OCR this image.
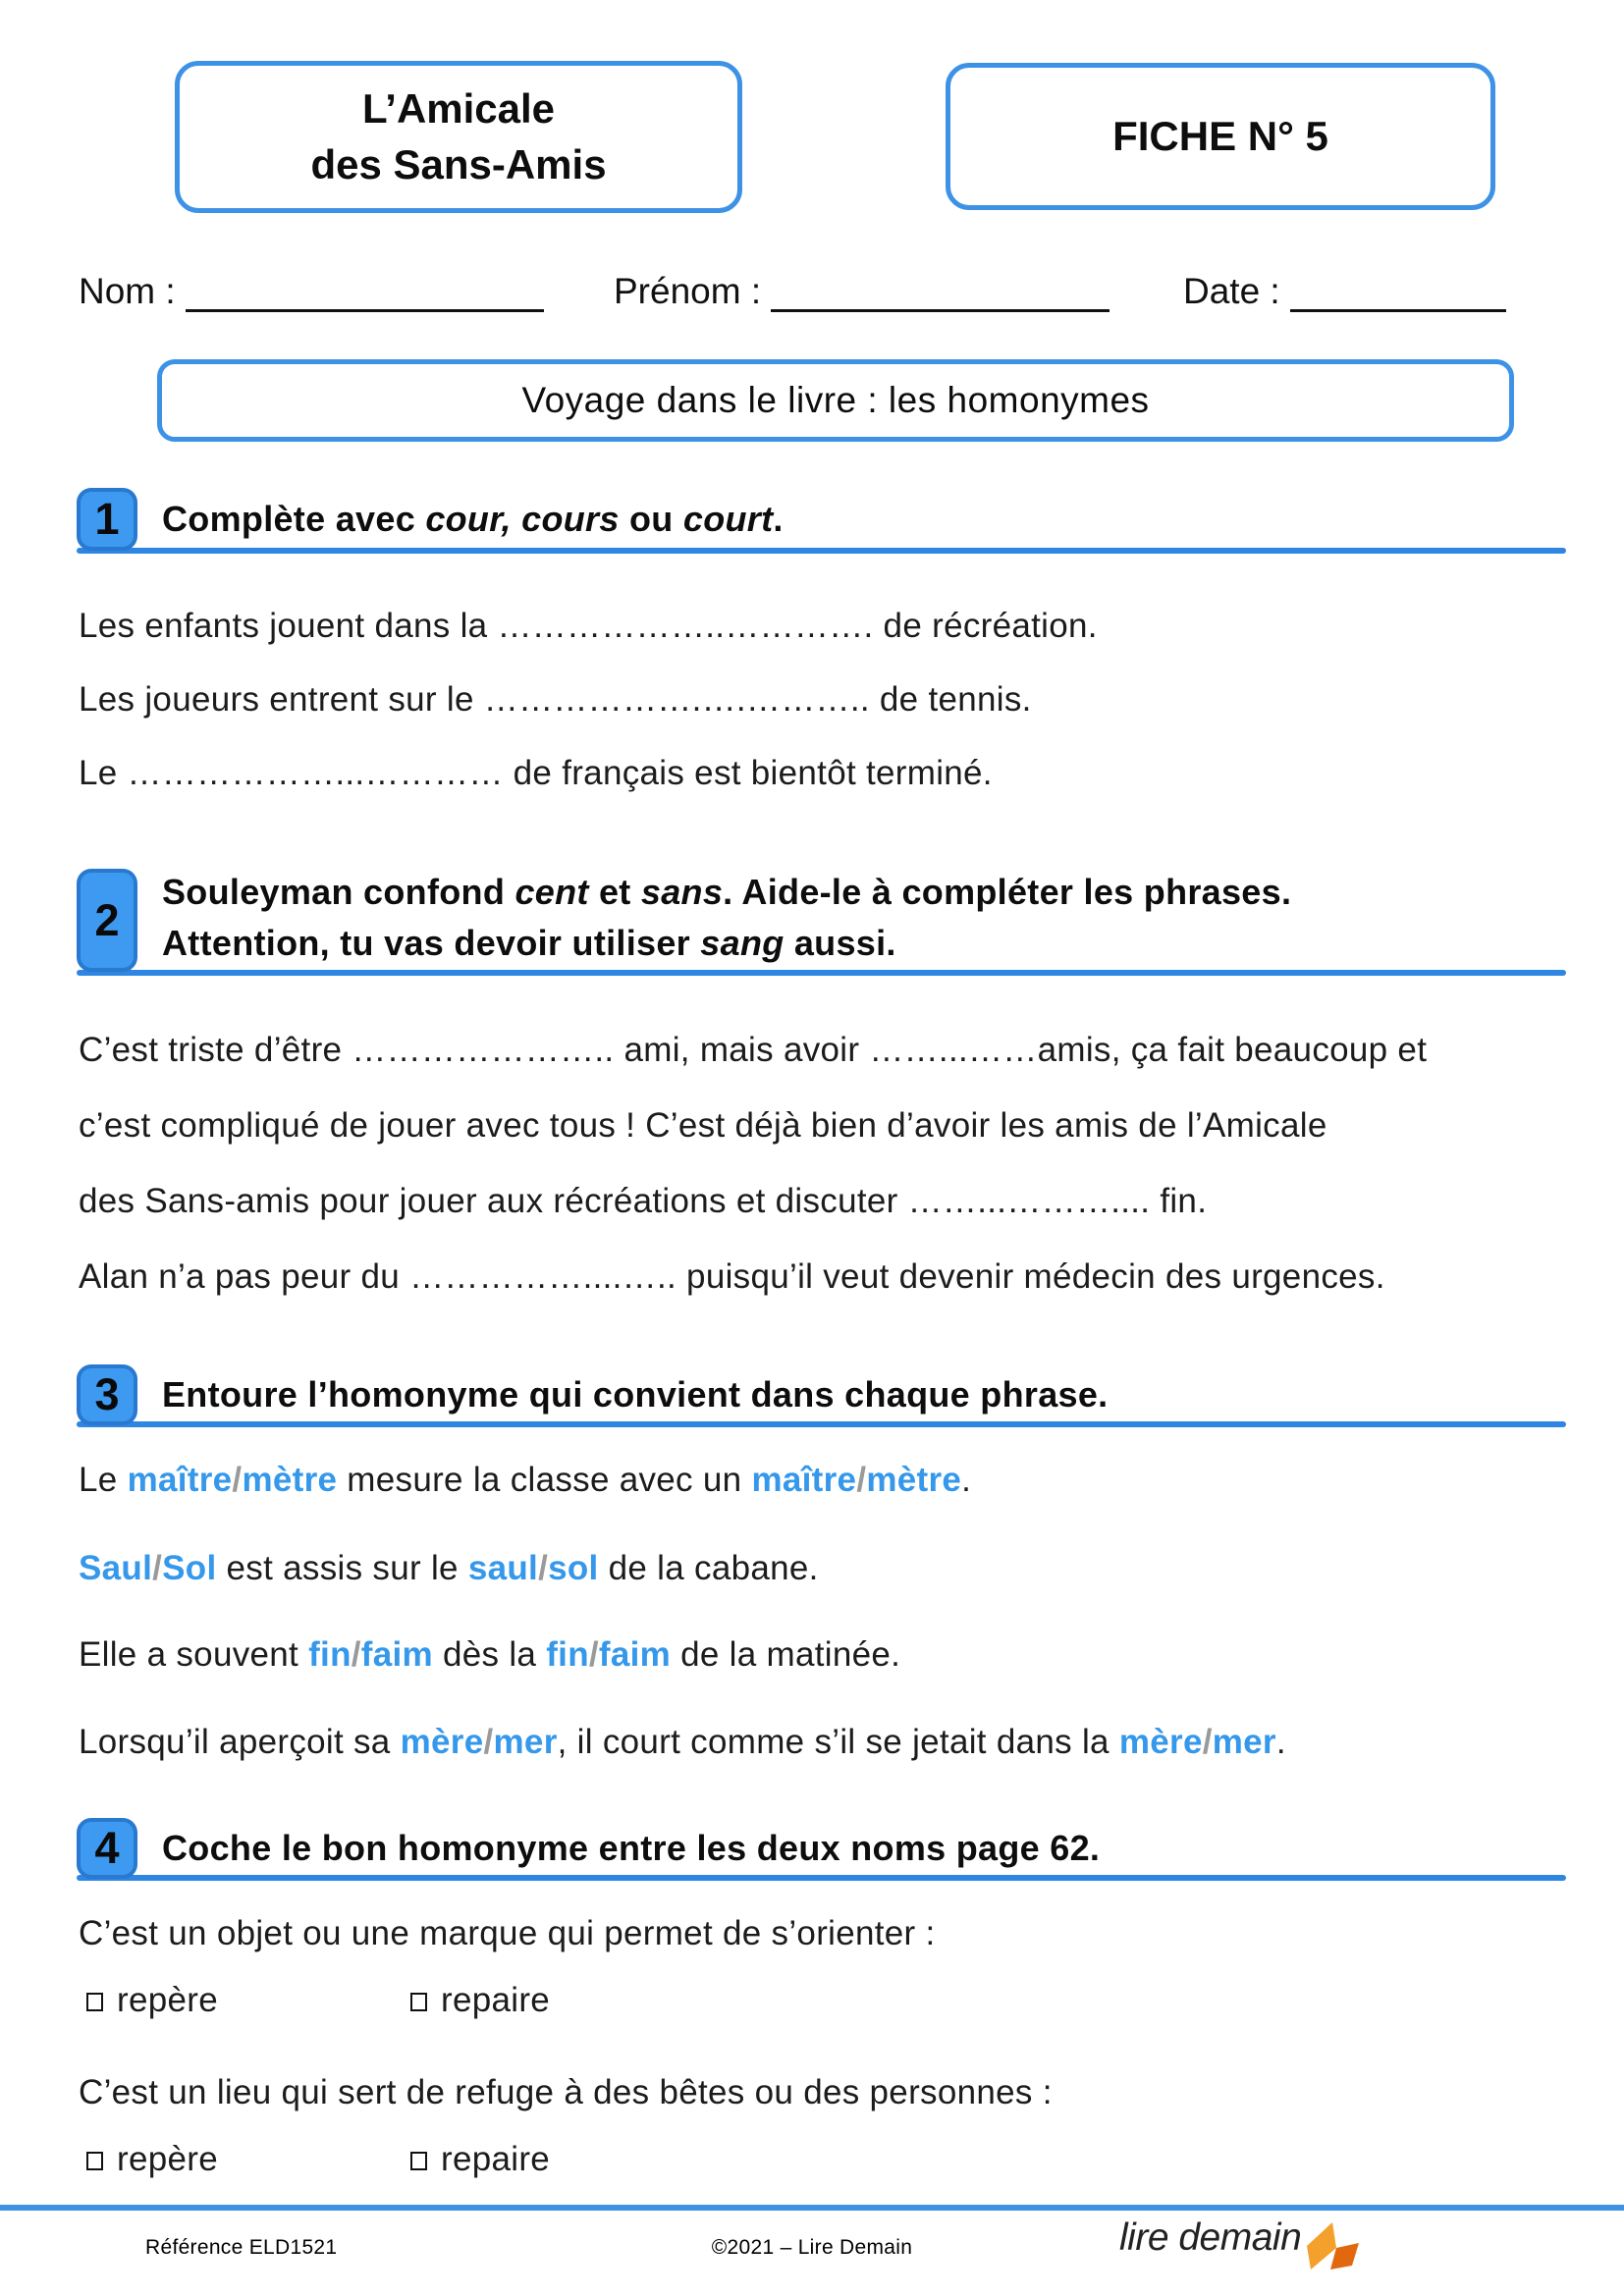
L’Amicale
des Sans-Amis
FICHE N° 5
Nom :	Prénom :	Date :
Voyage dans le livre : les homonymes
1 Complète avec cour, cours ou court.
Les enfants jouent dans la ………………..…………. de récréation.
Les joueurs entrent sur le ……………….….……….. de tennis.
Le ………………...………… de français est bientôt terminé.
2
Souleyman confond cent et sans. Aide-le à compléter les phrases.
Attention, tu vas devoir utiliser sang aussi.
C’est triste d’être ………………….. ami, mais avoir ……...……amis, ça fait beaucoup et
c’est compliqué de jouer avec tous ! C’est déjà bien d’avoir les amis de l’Amicale
des Sans-amis pour jouer aux récréations et discuter ……...……….... fin.
Alan n’a pas peur du ……………....….. puisqu’il veut devenir médecin des urgences.
3 Entoure l’homonyme qui convient dans chaque phrase.
Le maître/mètre mesure la classe avec un maître/mètre.
Saul/Sol est assis sur le saul/sol de la cabane.
Elle a souvent fin/faim dès la fin/faim de la matinée.
Lorsqu’il aperçoit sa mère/mer, il court comme s’il se jetait dans la mère/mer.
4 Coche le bon homonyme entre les deux noms page 62.
C’est un objet ou une marque qui permet de s’orienter :
repère	repaire
C’est un lieu qui sert de refuge à des bêtes ou des personnes :
repère	repaire
Référence ELD1521	©2021 – Lire Demain	lire demain
